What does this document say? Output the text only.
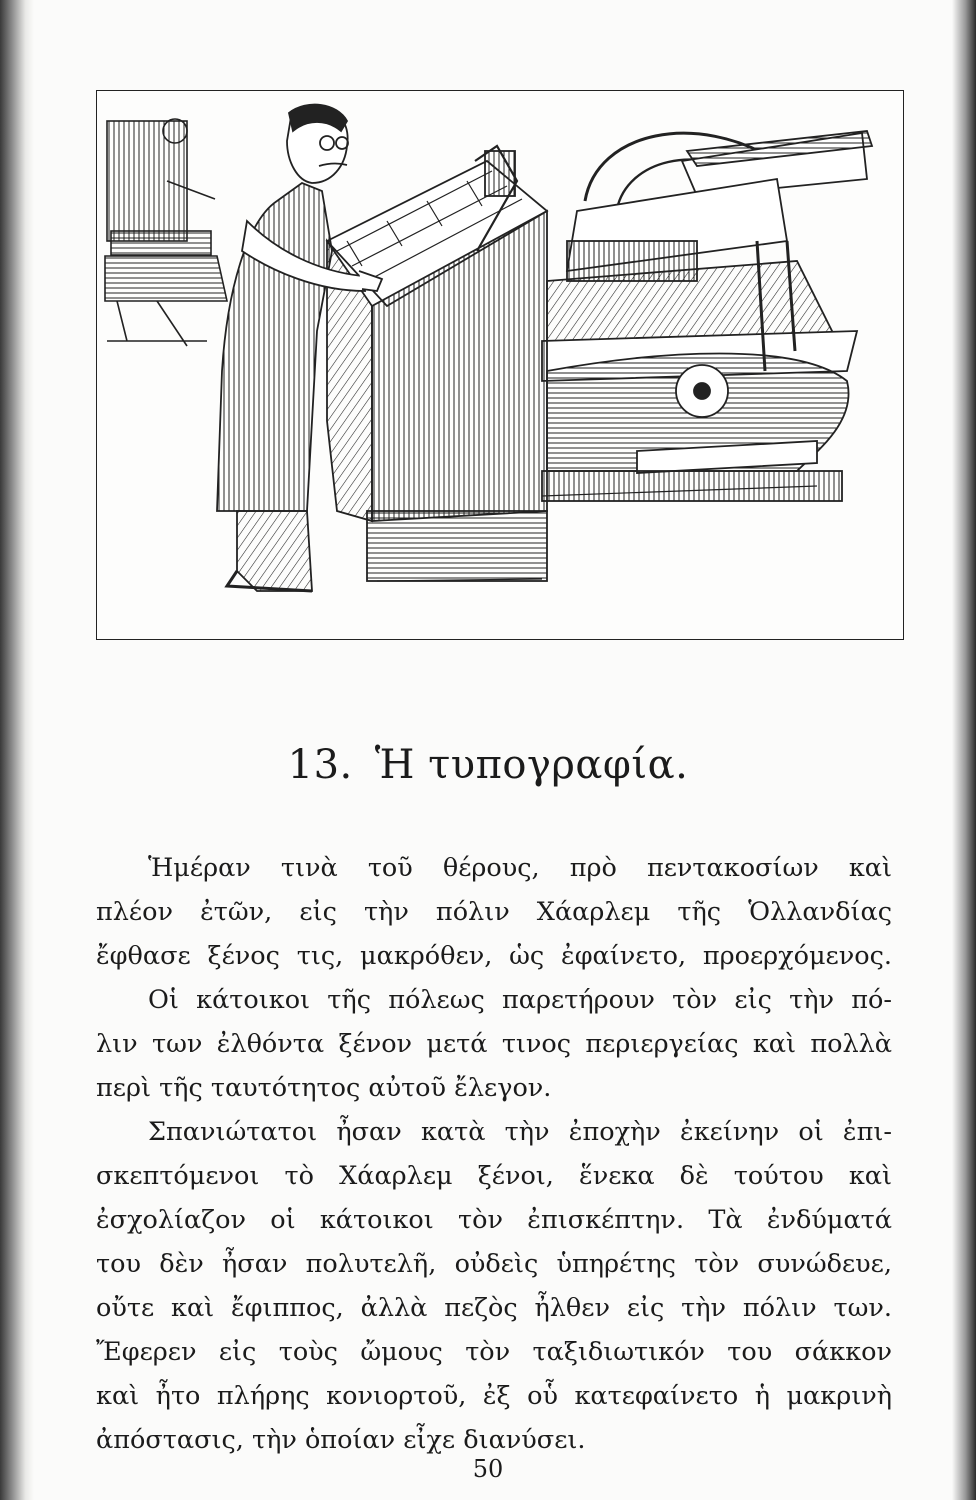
13. Ἡ τυπογραφία.
Ἡμέραν τινὰ τοῦ θέρους, πρὸ πεντακοσίων καὶ
πλέον ἐτῶν, εἰς τὴν πόλιν Χάαρλεμ τῆς Ὁλλανδίας
ἔφθασε ξένος τις, μακρόθεν, ὡς ἐφαίνετο, προερχόμενος.
Οἱ κάτοικοι τῆς πόλεως παρετήρουν τὸν εἰς τὴν πό-
λιν των ἐλθόντα ξένον μετά τινος περιεργείας καὶ πολλὰ
περὶ τῆς ταυτότητος αὐτοῦ ἔλεγον.
Σπανιώτατοι ἦσαν κατὰ τὴν ἐποχὴν ἐκείνην οἱ ἐπι-
σκεπτόμενοι τὸ Χάαρλεμ ξένοι, ἕνεκα δὲ τούτου καὶ
ἐσχολίαζον οἱ κάτοικοι τὸν ἐπισκέπτην. Τὰ ἐνδύματά
του δὲν ἦσαν πολυτελῆ, οὐδεὶς ὑπηρέτης τὸν συνώδευε,
οὔτε καὶ ἔφιππος, ἀλλὰ πεζὸς ἦλθεν εἰς τὴν πόλιν των.
Ἔφερεν εἰς τοὺς ὤμους τὸν ταξιδιωτικόν του σάκκον
καὶ ἦτο πλήρης κονιορτοῦ, ἐξ οὗ κατεφαίνετο ἡ μακρινὴ
ἀπόστασις, τὴν ὁποίαν εἶχε διανύσει.
50
